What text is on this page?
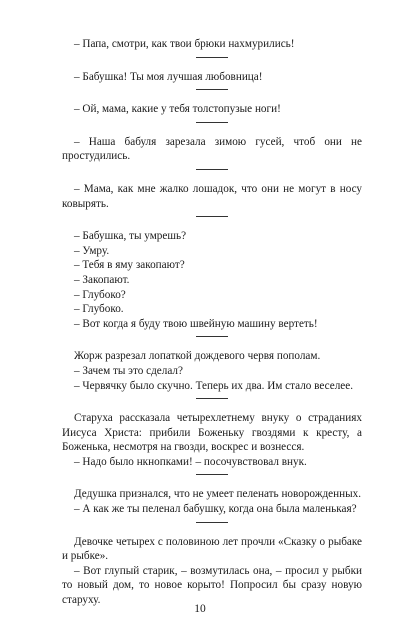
– Папа, смотри, как твои брюки нахмурились!

– Бабушка! Ты моя лучшая любовница!

– Ой, мама, какие у тебя толстопузые ноги!

– Наша бабуля зарезала зимою гусей, чтоб они не простудились.

– Мама, как мне жалко лошадок, что они не могут в носу ковырять.

– Бабушка, ты умрешь?

– Умру.

– Тебя в яму закопают?

– Закопают.

– Глубоко?

– Глубоко.

– Вот когда я буду твою швейную машину вертеть!

Жорж разрезал лопаткой дождевого червя пополам.

– Зачем ты это сделал?

– Червячку было скучно. Теперь их два. Им стало веселее.

Старуха рассказала четырехлетнему внуку о страданиях Иисуса Христа: прибили Боженьку гвоздями к кресту, а Боженька, несмотря на гвозди, воскрес и вознесся.

– Надо было нкнопками! – посочувствовал внук.

Дедушка признался, что не умеет пеленать новорожденных.

– А как же ты пеленал бабушку, когда она была маленькая?

Девочке четырех с половиною лет прочли «Сказку о рыбаке и рыбке».

– Вот глупый старик, – возмутилась она, – просил у рыбки то новый дом, то новое корыто! Попросил бы сразу новую старуху.

10
